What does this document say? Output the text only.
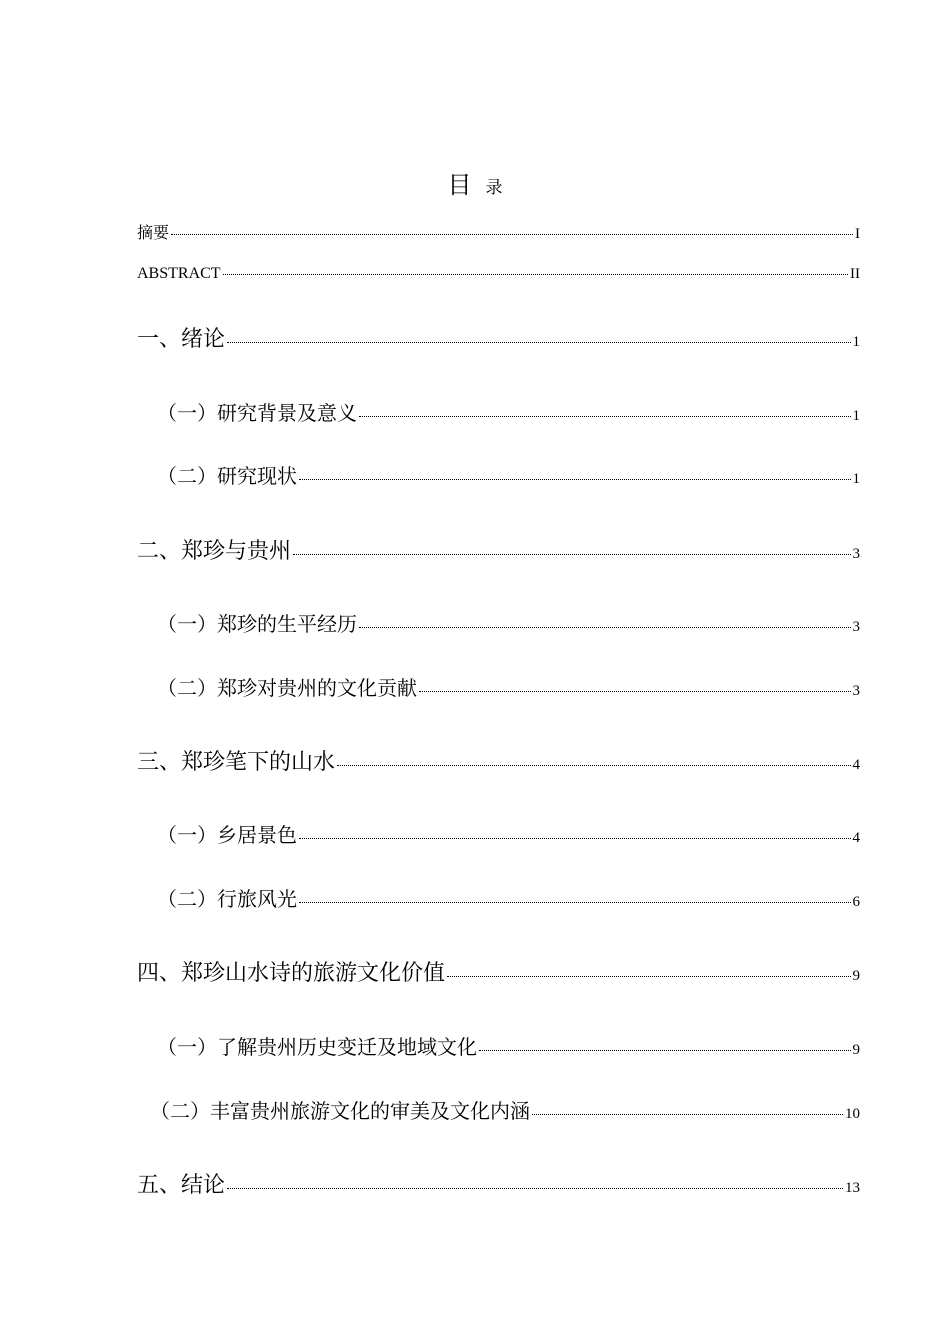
目 录
摘要	I
ABSTRACT	II
一、绪论	1
（一）研究背景及意义	1
（二）研究现状	1
二、郑珍与贵州	3
（一）郑珍的生平经历	3
（二）郑珍对贵州的文化贡献	3
三、郑珍笔下的山水	4
（一）乡居景色	4
（二）行旅风光	6
四、郑珍山水诗的旅游文化价值	9
（一）了解贵州历史变迁及地域文化	9
（二）丰富贵州旅游文化的审美及文化内涵	10
五、结论	13
